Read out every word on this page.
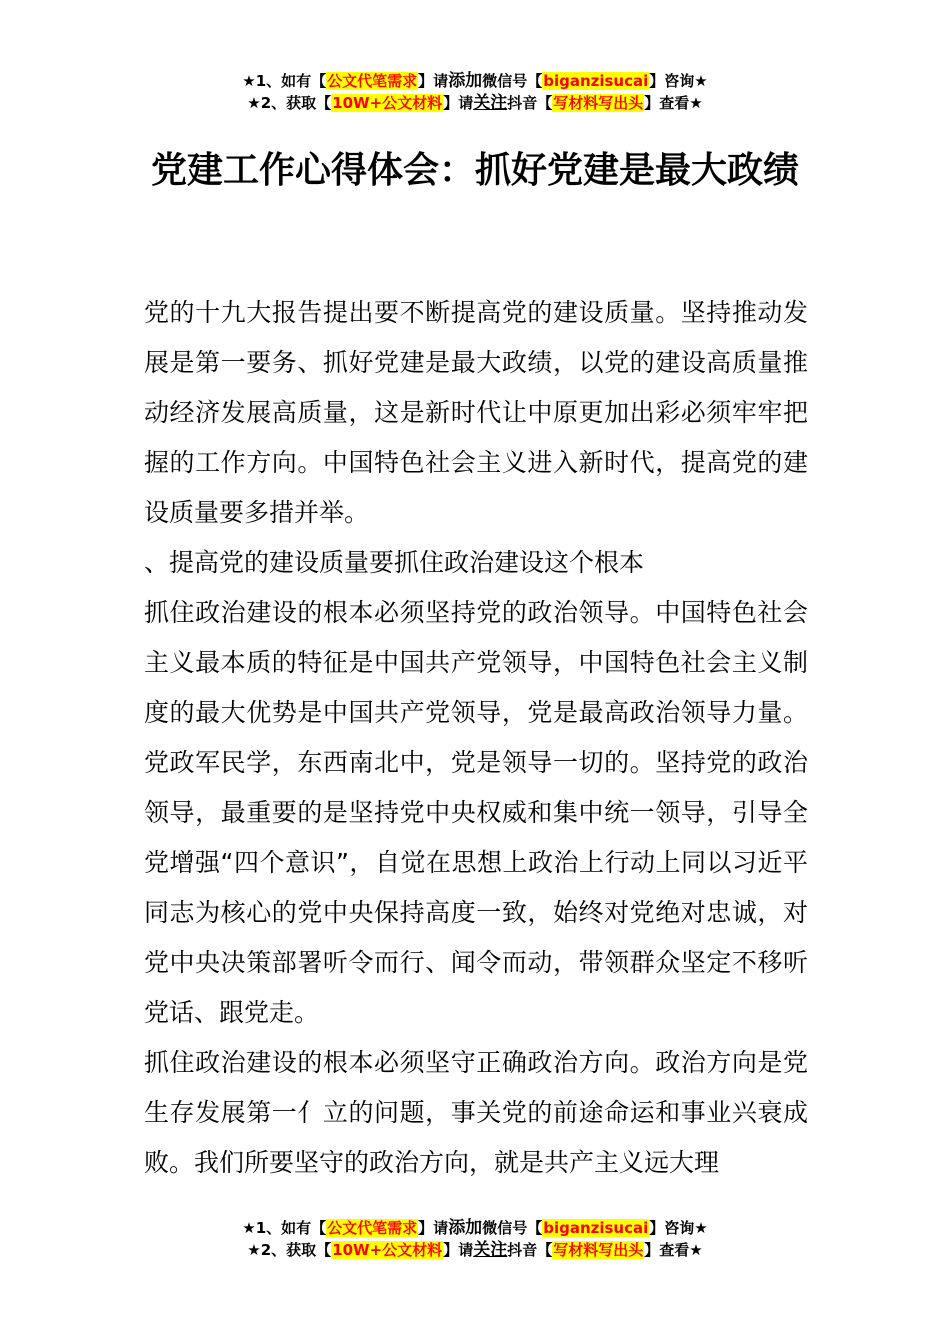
★1、如有【公文代笔需求】请添加微信号【biganzisucai】咨询★
★2、获取【10W+公文材料】请关注抖音【写材料写出头】查看★
党建工作心得体会：抓好党建是最大政绩

党的十九大报告提出要不断提高党的建设质量。坚持推动发展是第一要务、抓好党建是最大政绩，以党的建设高质量推动经济发展高质量，这是新时代让中原更加出彩必须牢牢把握的工作方向。中国特色社会主义进入新时代，提高党的建设质量要多措并举。

、提高党的建设质量要抓住政治建设这个根本

抓住政治建设的根本必须坚持党的政治领导。中国特色社会主义最本质的特征是中国共产党领导，中国特色社会主义制度的最大优势是中国共产党领导，党是最高政治领导力量。党政军民学，东西南北中，党是领导一切的。坚持党的政治领导，最重要的是坚持党中央权威和集中统一领导，引导全党增强“四个意识”，自觉在思想上政治上行动上同以习近平同志为核心的党中央保持高度一致，始终对党绝对忠诚，对党中央决策部署听令而行、闻令而动，带领群众坚定不移听党话、跟党走。

抓住政治建设的根本必须坚守正确政治方向。政治方向是党生存发展第一亻立的问题，事关党的前途命运和事业兴衰成败。我们所要坚守的政治方向，就是共产主义远大理

★1、如有【公文代笔需求】请添加微信号【biganzisucai】咨询★
★2、获取【10W+公文材料】请关注抖音【写材料写出头】查看★
